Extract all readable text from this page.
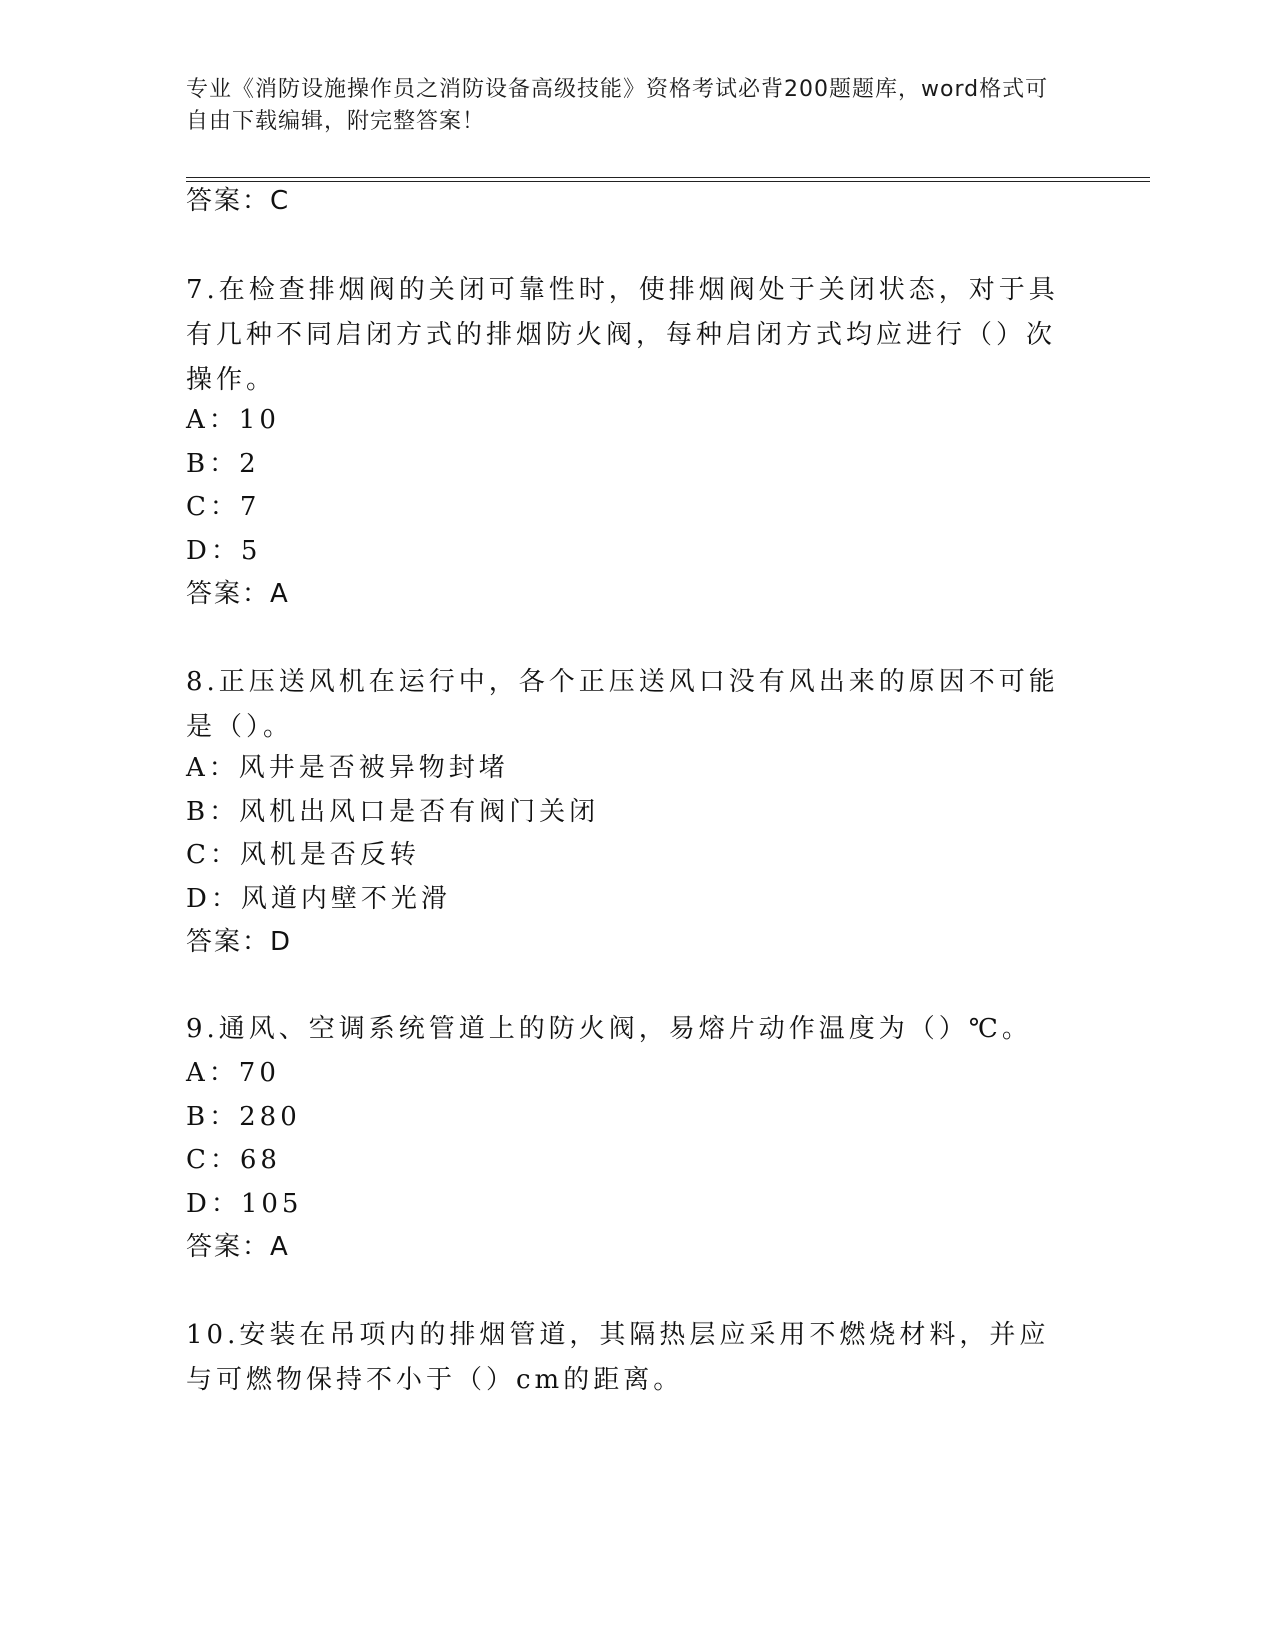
专业《消防设施操作员之消防设备高级技能》资格考试必背200题题库，word格式可自由下载编辑，附完整答案！
答案：C
7.在检查排烟阀的关闭可靠性时，使排烟阀处于关闭状态，对于具有几种不同启闭方式的排烟防火阀，每种启闭方式均应进行（）次操作。
A：10
B：2
C：7
D：5
答案：A
8.正压送风机在运行中，各个正压送风口没有风出来的原因不可能是（）。
A：风井是否被异物封堵
B：风机出风口是否有阀门关闭
C：风机是否反转
D：风道内壁不光滑
答案：D
9.通风、空调系统管道上的防火阀，易熔片动作温度为（）℃。
A：70
B：280
C：68
D：105
答案：A
10.安装在吊项内的排烟管道，其隔热层应采用不燃烧材料，并应与可燃物保持不小于（）cm的距离。
